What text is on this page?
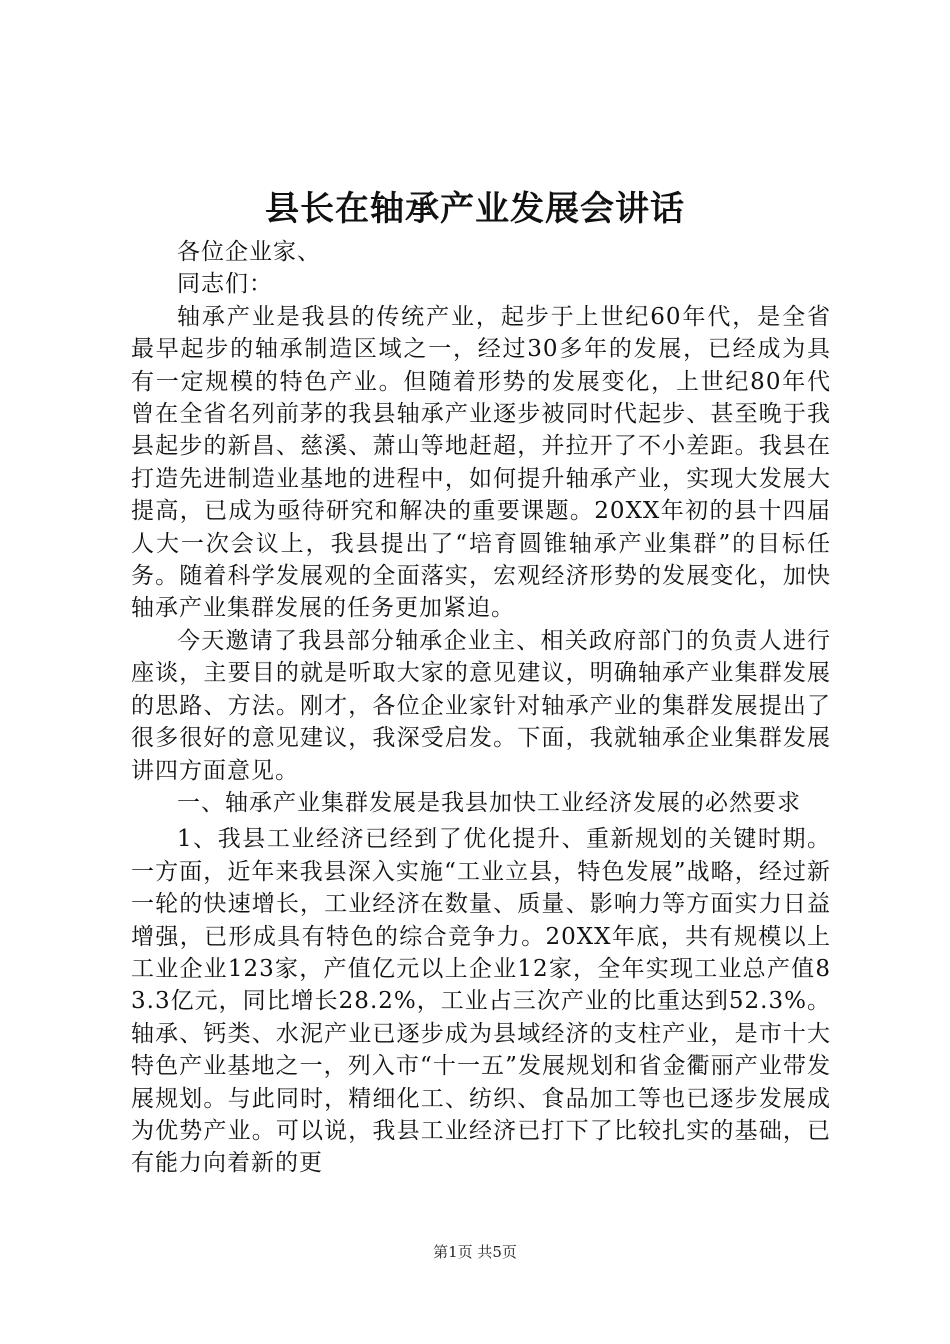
县长在轴承产业发展会讲话

各位企业家、

同志们：

轴承产业是我县的传统产业，起步于上世纪60年代，是全省最早起步的轴承制造区域之一，经过30多年的发展，已经成为具有一定规模的特色产业。但随着形势的发展变化，上世纪80年代曾在全省名列前茅的我县轴承产业逐步被同时代起步、甚至晚于我县起步的新昌、慈溪、萧山等地赶超，并拉开了不小差距。我县在打造先进制造业基地的进程中，如何提升轴承产业，实现大发展大提高，已成为亟待研究和解决的重要课题。20XX年初的县十四届人大一次会议上，我县提出了“培育圆锥轴承产业集群”的目标任务。随着科学发展观的全面落实，宏观经济形势的发展变化，加快轴承产业集群发展的任务更加紧迫。

今天邀请了我县部分轴承企业主、相关政府部门的负责人进行座谈，主要目的就是听取大家的意见建议，明确轴承产业集群发展的思路、方法。刚才，各位企业家针对轴承产业的集群发展提出了很多很好的意见建议，我深受启发。下面，我就轴承企业集群发展讲四方面意见。

一、轴承产业集群发展是我县加快工业经济发展的必然要求

1、我县工业经济已经到了优化提升、重新规划的关键时期。一方面，近年来我县深入实施“工业立县，特色发展”战略，经过新一轮的快速增长，工业经济在数量、质量、影响力等方面实力日益增强，已形成具有特色的综合竞争力。20XX年底，共有规模以上工业企业123家，产值亿元以上企业12家，全年实现工业总产值83.3亿元，同比增长28.2%，工业占三次产业的比重达到52.3%。轴承、钙类、水泥产业已逐步成为县域经济的支柱产业，是市十大特色产业基地之一，列入市“十一五”发展规划和省金衢丽产业带发展规划。与此同时，精细化工、纺织、食品加工等也已逐步发展成为优势产业。可以说，我县工业经济已打下了比较扎实的基础，已有能力向着新的更

第1页 共5页
